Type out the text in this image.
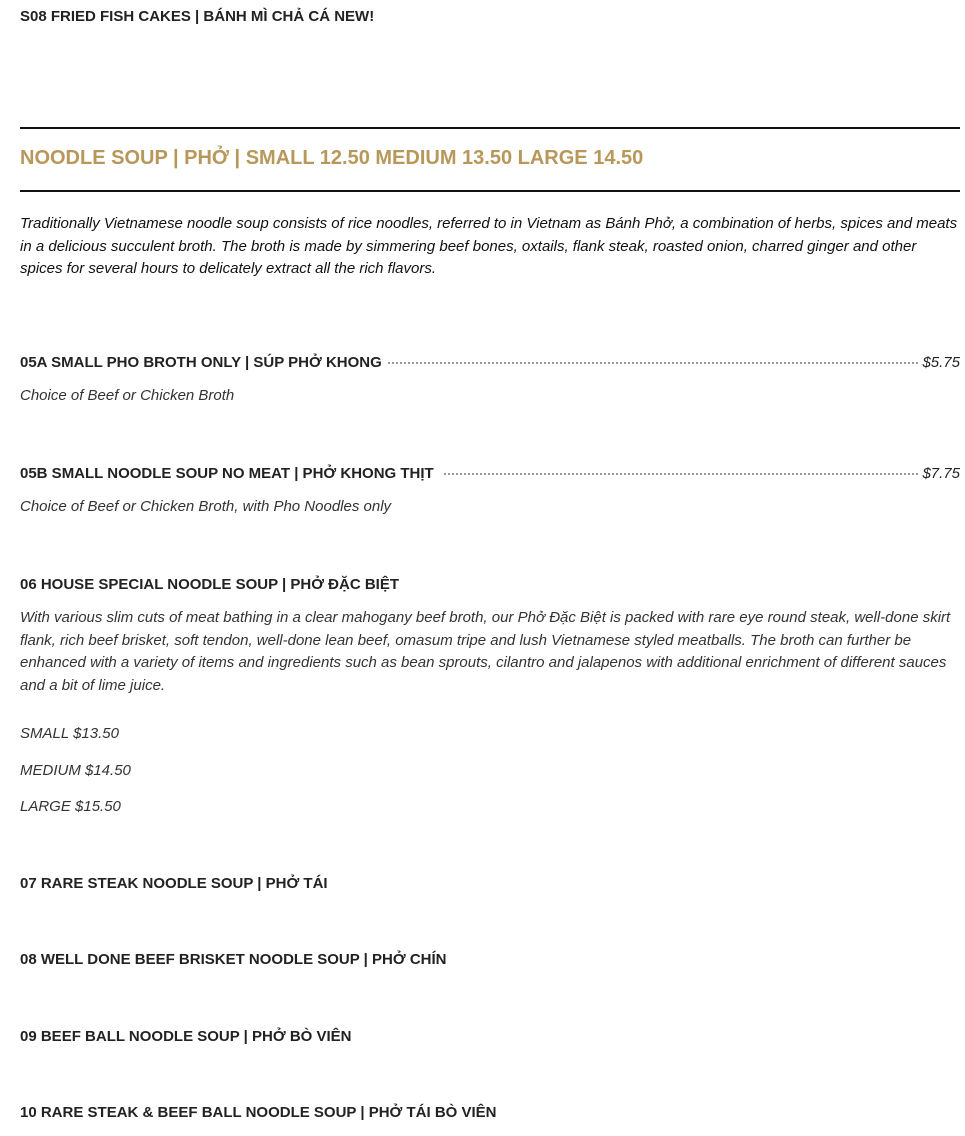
S08 FRIED FISH CAKES | BÁNH MÌ CHẢ CÁ NEW!
NOODLE SOUP | PHỞ | SMALL 12.50 MEDIUM 13.50 LARGE 14.50
Traditionally Vietnamese noodle soup consists of rice noodles, referred to in Vietnam as Bánh Phở, a combination of herbs, spices and meats in a delicious succulent broth. The broth is made by simmering beef bones, oxtails, flank steak, roasted onion, charred ginger and other spices for several hours to delicately extract all the rich flavors.
05A SMALL PHO BROTH ONLY | SÚP PHỞ KHONG	$5.75
Choice of Beef or Chicken Broth
05B SMALL NOODLE SOUP NO MEAT | PHỞ KHONG THỊT	$7.75
Choice of Beef or Chicken Broth, with Pho Noodles only
06 HOUSE SPECIAL NOODLE SOUP | PHỞ ĐẶC BIỆT
With various slim cuts of meat bathing in a clear mahogany beef broth, our Phở Đặc Biệt is packed with rare eye round steak, well-done skirt flank, rich beef brisket, soft tendon, well-done lean beef, omasum tripe and lush Vietnamese styled meatballs. The broth can further be enhanced with a variety of items and ingredients such as bean sprouts, cilantro and jalapenos with additional enrichment of different sauces and a bit of lime juice.
SMALL $13.50
MEDIUM $14.50
LARGE $15.50
07 RARE STEAK NOODLE SOUP | PHỞ TÁI
08 WELL DONE BEEF BRISKET NOODLE SOUP | PHỞ CHÍN
09 BEEF BALL NOODLE SOUP | PHỞ BÒ VIÊN
10 RARE STEAK & BEEF BALL NOODLE SOUP | PHỞ TÁI BÒ VIÊN
